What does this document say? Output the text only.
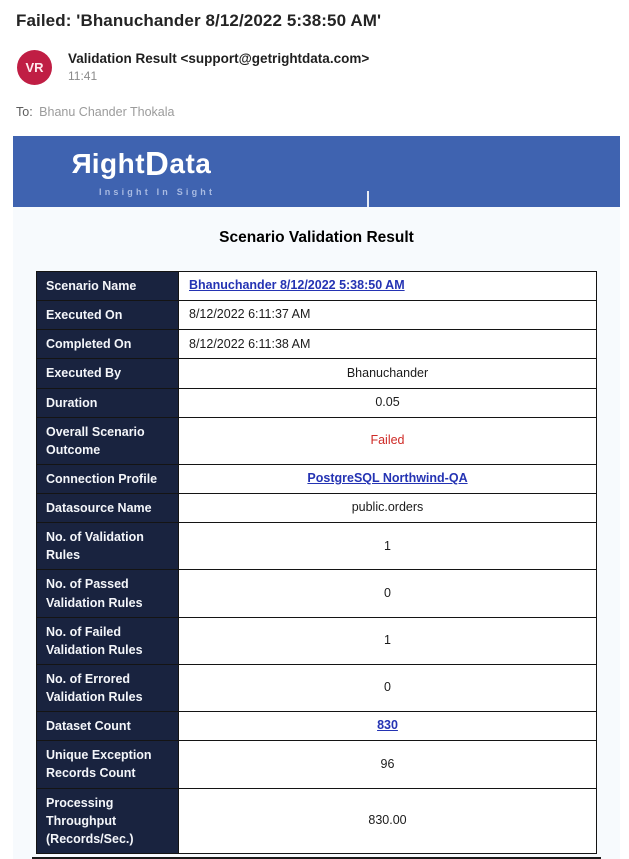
Failed: 'Bhanuchander 8/12/2022 5:38:50 AM'
VR
Validation Result <support@getrightdata.com>
11:41
To: Bhanu Chander Thokala
RightData
Insight In Sight
Scenario Validation Result
Scenario Name	Bhanuchander 8/12/2022 5:38:50 AM
Executed On	8/12/2022 6:11:37 AM
Completed On	8/12/2022 6:11:38 AM
Executed By	Bhanuchander
Duration	0.05
Overall Scenario Outcome	Failed
Connection Profile	PostgreSQL Northwind-QA
Datasource Name	public.orders
No. of Validation Rules	1
No. of Passed Validation Rules	0
No. of Failed Validation Rules	1
No. of Errored Validation Rules	0
Dataset Count	830
Unique Exception Records Count	96
Processing Throughput (Records/Sec.)	830.00
